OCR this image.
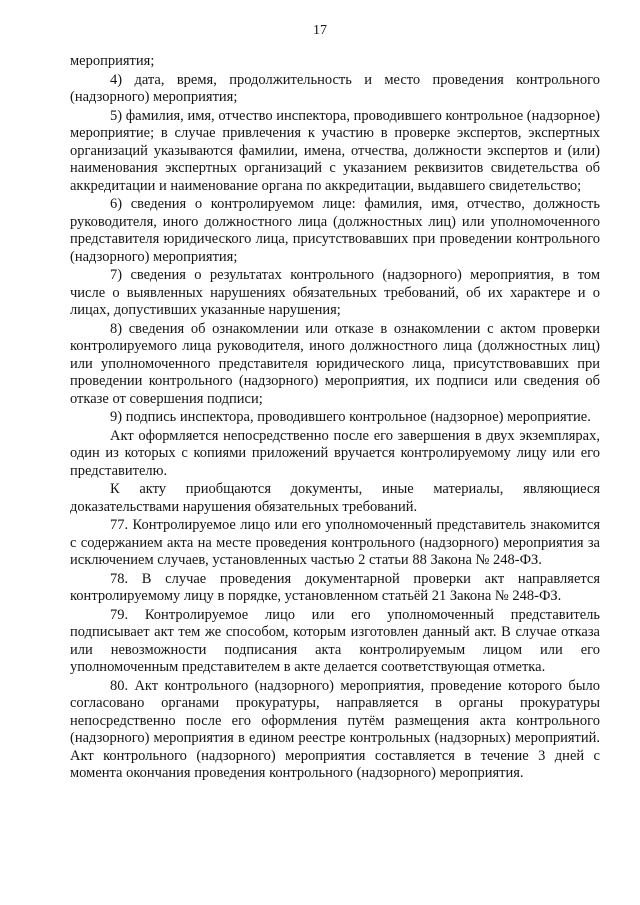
17

мероприятия;

4) дата, время, продолжительность и место проведения контрольного (надзорного) мероприятия;

5) фамилия, имя, отчество инспектора, проводившего контрольное (надзорное) мероприятие; в случае привлечения к участию в проверке экспертов, экспертных организаций указываются фамилии, имена, отчества, должности экспертов и (или) наименования экспертных организаций с указанием реквизитов свидетельства об аккредитации и наименование органа по аккредитации, выдавшего свидетельство;

6) сведения о контролируемом лице: фамилия, имя, отчество, должность руководителя, иного должностного лица (должностных лиц) или уполномоченного представителя юридического лица, присутствовавших при проведении контрольного (надзорного) мероприятия;

7) сведения о результатах контрольного (надзорного) мероприятия, в том числе о выявленных нарушениях обязательных требований, об их характере и о лицах, допустивших указанные нарушения;

8) сведения об ознакомлении или отказе в ознакомлении с актом проверки контролируемого лица руководителя, иного должностного лица (должностных лиц) или уполномоченного представителя юридического лица, присутствовавших при проведении контрольного (надзорного) мероприятия, их подписи или сведения об отказе от совершения подписи;

9) подпись инспектора, проводившего контрольное (надзорное) мероприятие.

Акт оформляется непосредственно после его завершения в двух экземплярах, один из которых с копиями приложений вручается контролируемому лицу или его представителю.

К акту приобщаются документы, иные материалы, являющиеся доказательствами нарушения обязательных требований.

77. Контролируемое лицо или его уполномоченный представитель знакомится с содержанием акта на месте проведения контрольного (надзорного) мероприятия за исключением случаев, установленных частью 2 статьи 88 Закона № 248-ФЗ.

78. В случае проведения документарной проверки акт направляется контролируемому лицу в порядке, установленном статьёй 21 Закона № 248-ФЗ.

79. Контролируемое лицо или его уполномоченный представитель подписывает акт тем же способом, которым изготовлен данный акт. В случае отказа или невозможности подписания акта контролируемым лицом или его уполномоченным представителем в акте делается соответствующая отметка.

80. Акт контрольного (надзорного) мероприятия, проведение которого было согласовано органами прокуратуры, направляется в органы прокуратуры непосредственно после его оформления путём размещения акта контрольного (надзорного) мероприятия в едином реестре контрольных (надзорных) мероприятий. Акт контрольного (надзорного) мероприятия составляется в течение 3 дней с момента окончания проведения контрольного (надзорного) мероприятия.
